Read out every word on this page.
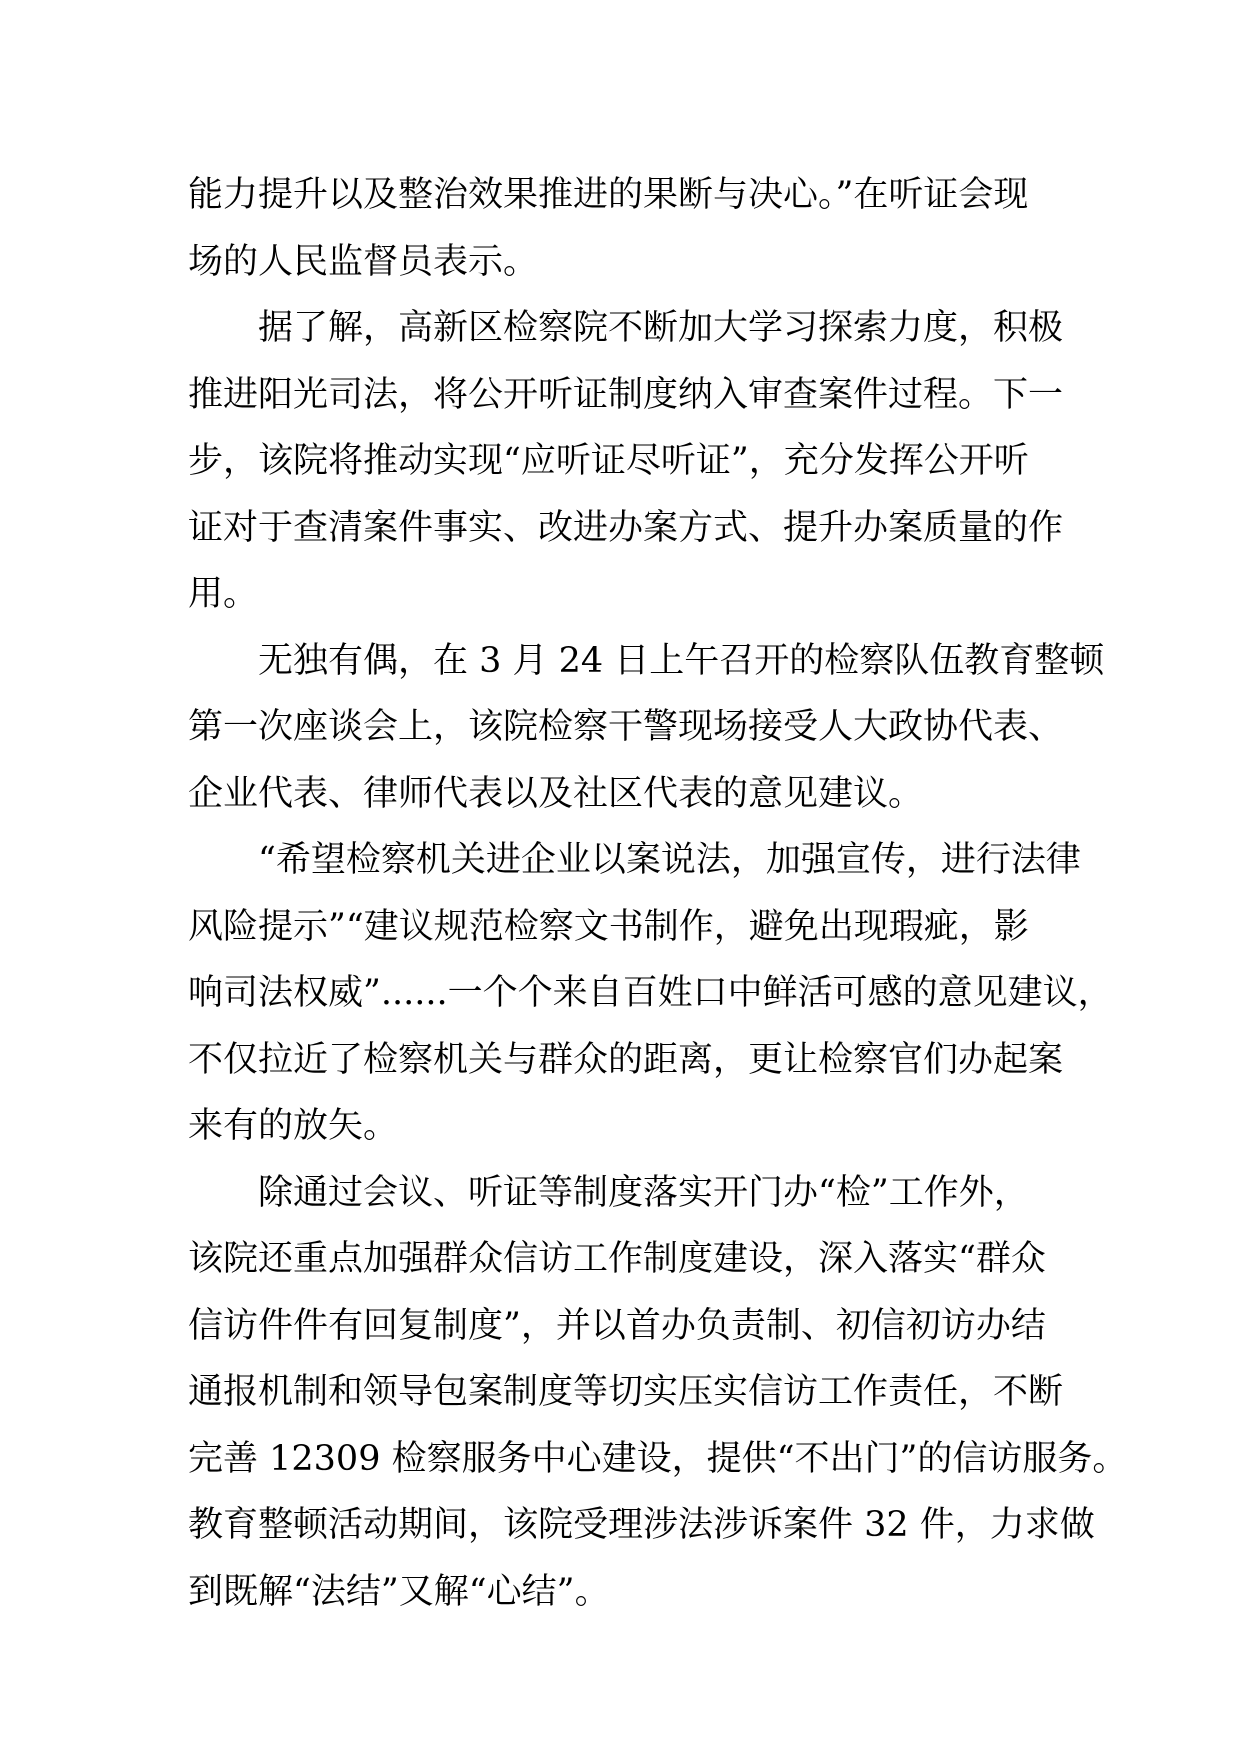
能力提升以及整治效果推进的果断与决心。”在听证会现
场的人民监督员表示。
　　据了解，高新区检察院不断加大学习探索力度，积极
推进阳光司法，将公开听证制度纳入审查案件过程。下一
步，该院将推动实现“应听证尽听证”，充分发挥公开听
证对于查清案件事实、改进办案方式、提升办案质量的作
用。
　　无独有偶，在 3 月 24 日上午召开的检察队伍教育整顿
第一次座谈会上，该院检察干警现场接受人大政协代表、
企业代表、律师代表以及社区代表的意见建议。
　　“希望检察机关进企业以案说法，加强宣传，进行法律
风险提示”“建议规范检察文书制作，避免出现瑕疵，影
响司法权威”......一个个来自百姓口中鲜活可感的意见建议，
不仅拉近了检察机关与群众的距离，更让检察官们办起案
来有的放矢。
　　除通过会议、听证等制度落实开门办“检”工作外，
该院还重点加强群众信访工作制度建设，深入落实“群众
信访件件有回复制度”，并以首办负责制、初信初访办结
通报机制和领导包案制度等切实压实信访工作责任，不断
完善 12309 检察服务中心建设，提供“不出门”的信访服务。
教育整顿活动期间，该院受理涉法涉诉案件 32 件，力求做
到既解“法结”又解“心结”。
